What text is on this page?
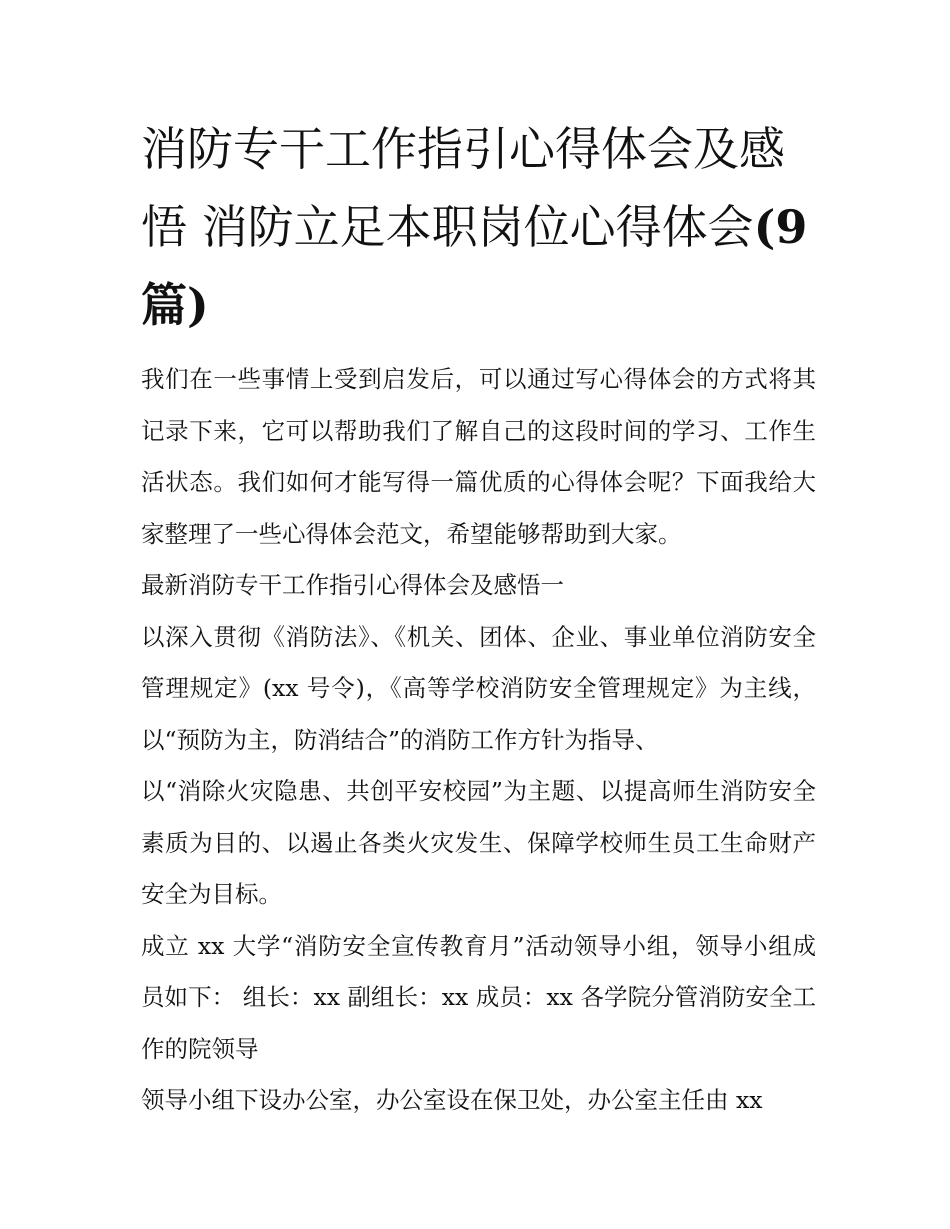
消防专干工作指引心得体会及感悟 消防立足本职岗位心得体会(9 篇)

我们在一些事情上受到启发后，可以通过写心得体会的方式将其记录下来，它可以帮助我们了解自己的这段时间的学习、工作生活状态。我们如何才能写得一篇优质的心得体会呢？下面我给大家整理了一些心得体会范文，希望能够帮助到大家。

最新消防专干工作指引心得体会及感悟一

以深入贯彻《消防法》、《机关、团体、企业、事业单位消防安全管理规定》(xx 号令)，《高等学校消防安全管理规定》为主线，以“预防为主，防消结合”的消防工作方针为指导、

以“消除火灾隐患、共创平安校园”为主题、以提高师生消防安全素质为目的、以遏止各类火灾发生、保障学校师生员工生命财产安全为目标。

成立 xx 大学“消防安全宣传教育月”活动领导小组，领导小组成员如下： 组长：xx 副组长：xx 成员：xx 各学院分管消防安全工作的院领导

领导小组下设办公室，办公室设在保卫处，办公室主任由 xx
